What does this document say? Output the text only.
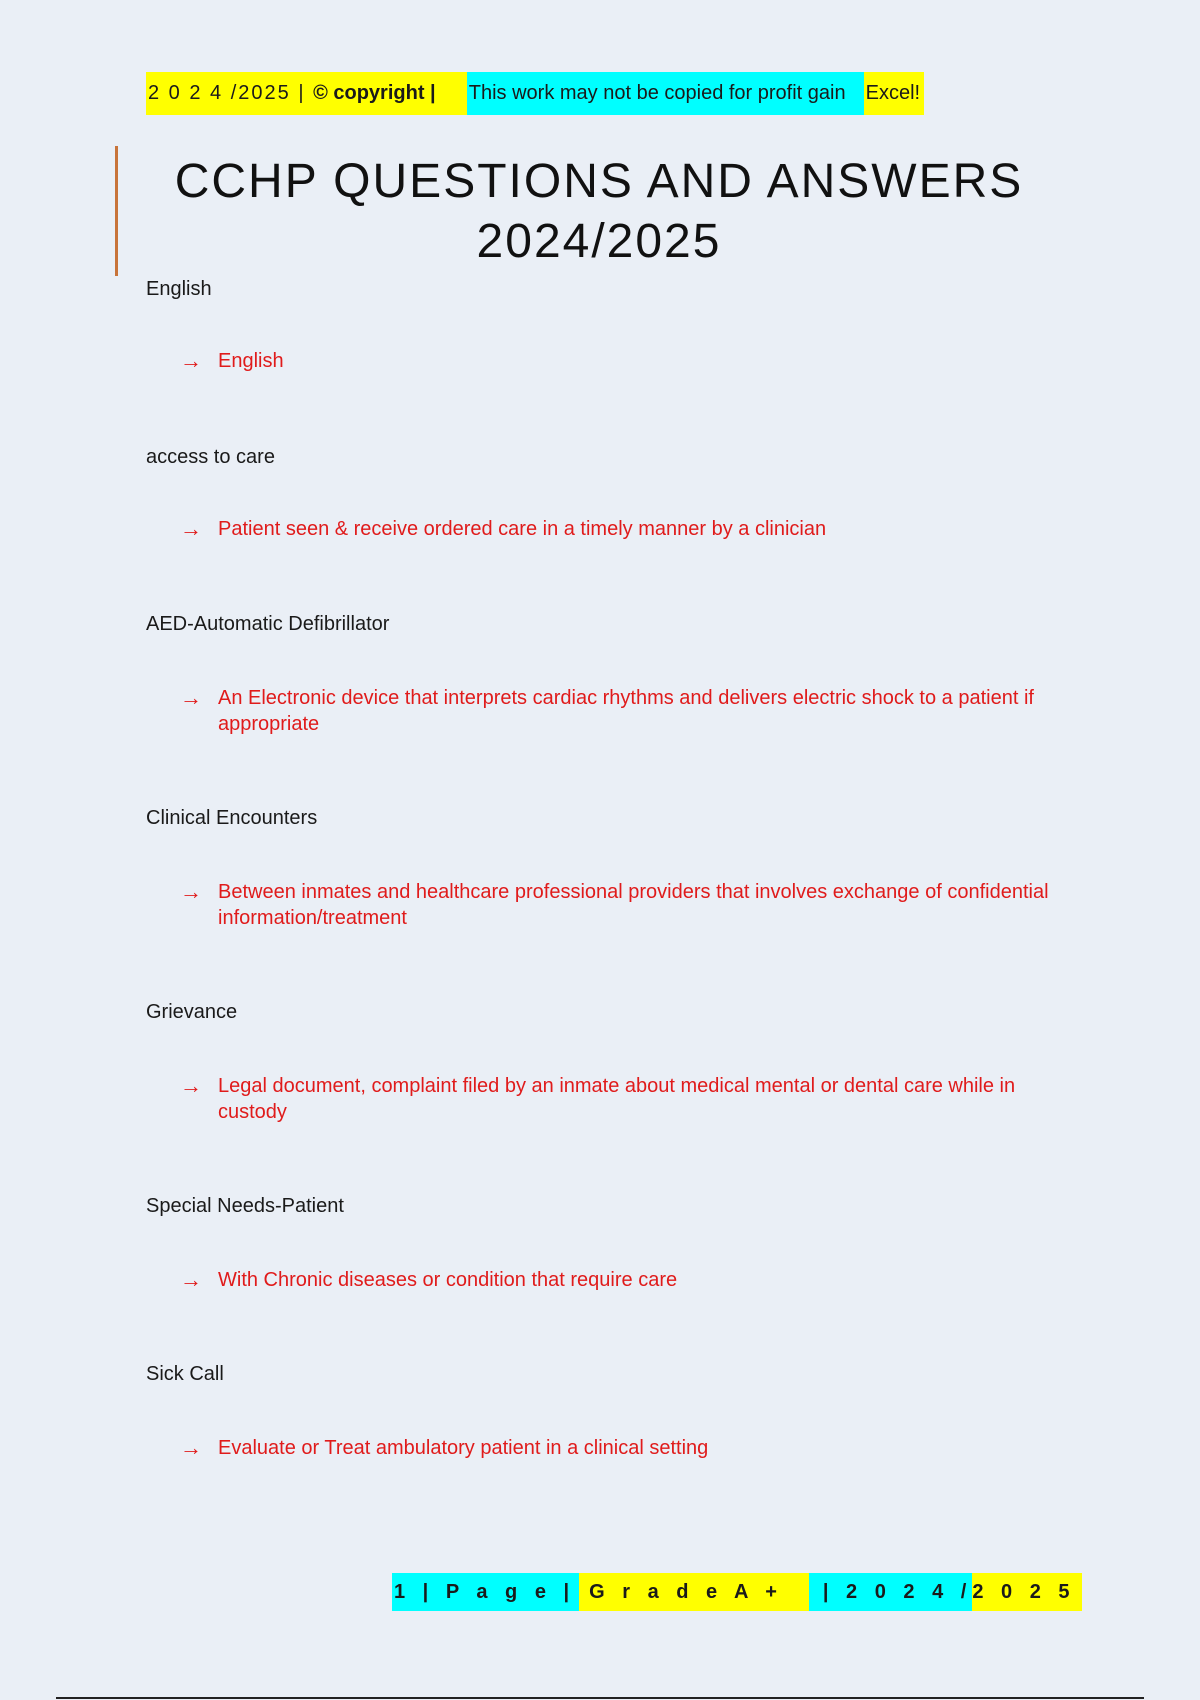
2 0 2 4 /2025 | © copyright | This work may not be copied for profit gain	Excel!
CCHP QUESTIONS AND ANSWERS
2024/2025
English
→ English
access to care
→ Patient seen & receive ordered care in a timely manner by a clinician
AED-Automatic Defibrillator
→ An Electronic device that interprets cardiac rhythms and delivers electric shock to a patient if appropriate
Clinical Encounters
→ Between inmates and healthcare professional providers that involves exchange of confidential information/treatment
Grievance
→ Legal document, complaint filed by an inmate about medical mental or dental care while in custody
Special Needs-Patient
→ With Chronic diseases or condition that require care
Sick Call
→ Evaluate or Treat ambulatory patient in a clinical setting
1 | P a g e | G r a d e A +	| 2 0 2 4 / 2 0 2 5
